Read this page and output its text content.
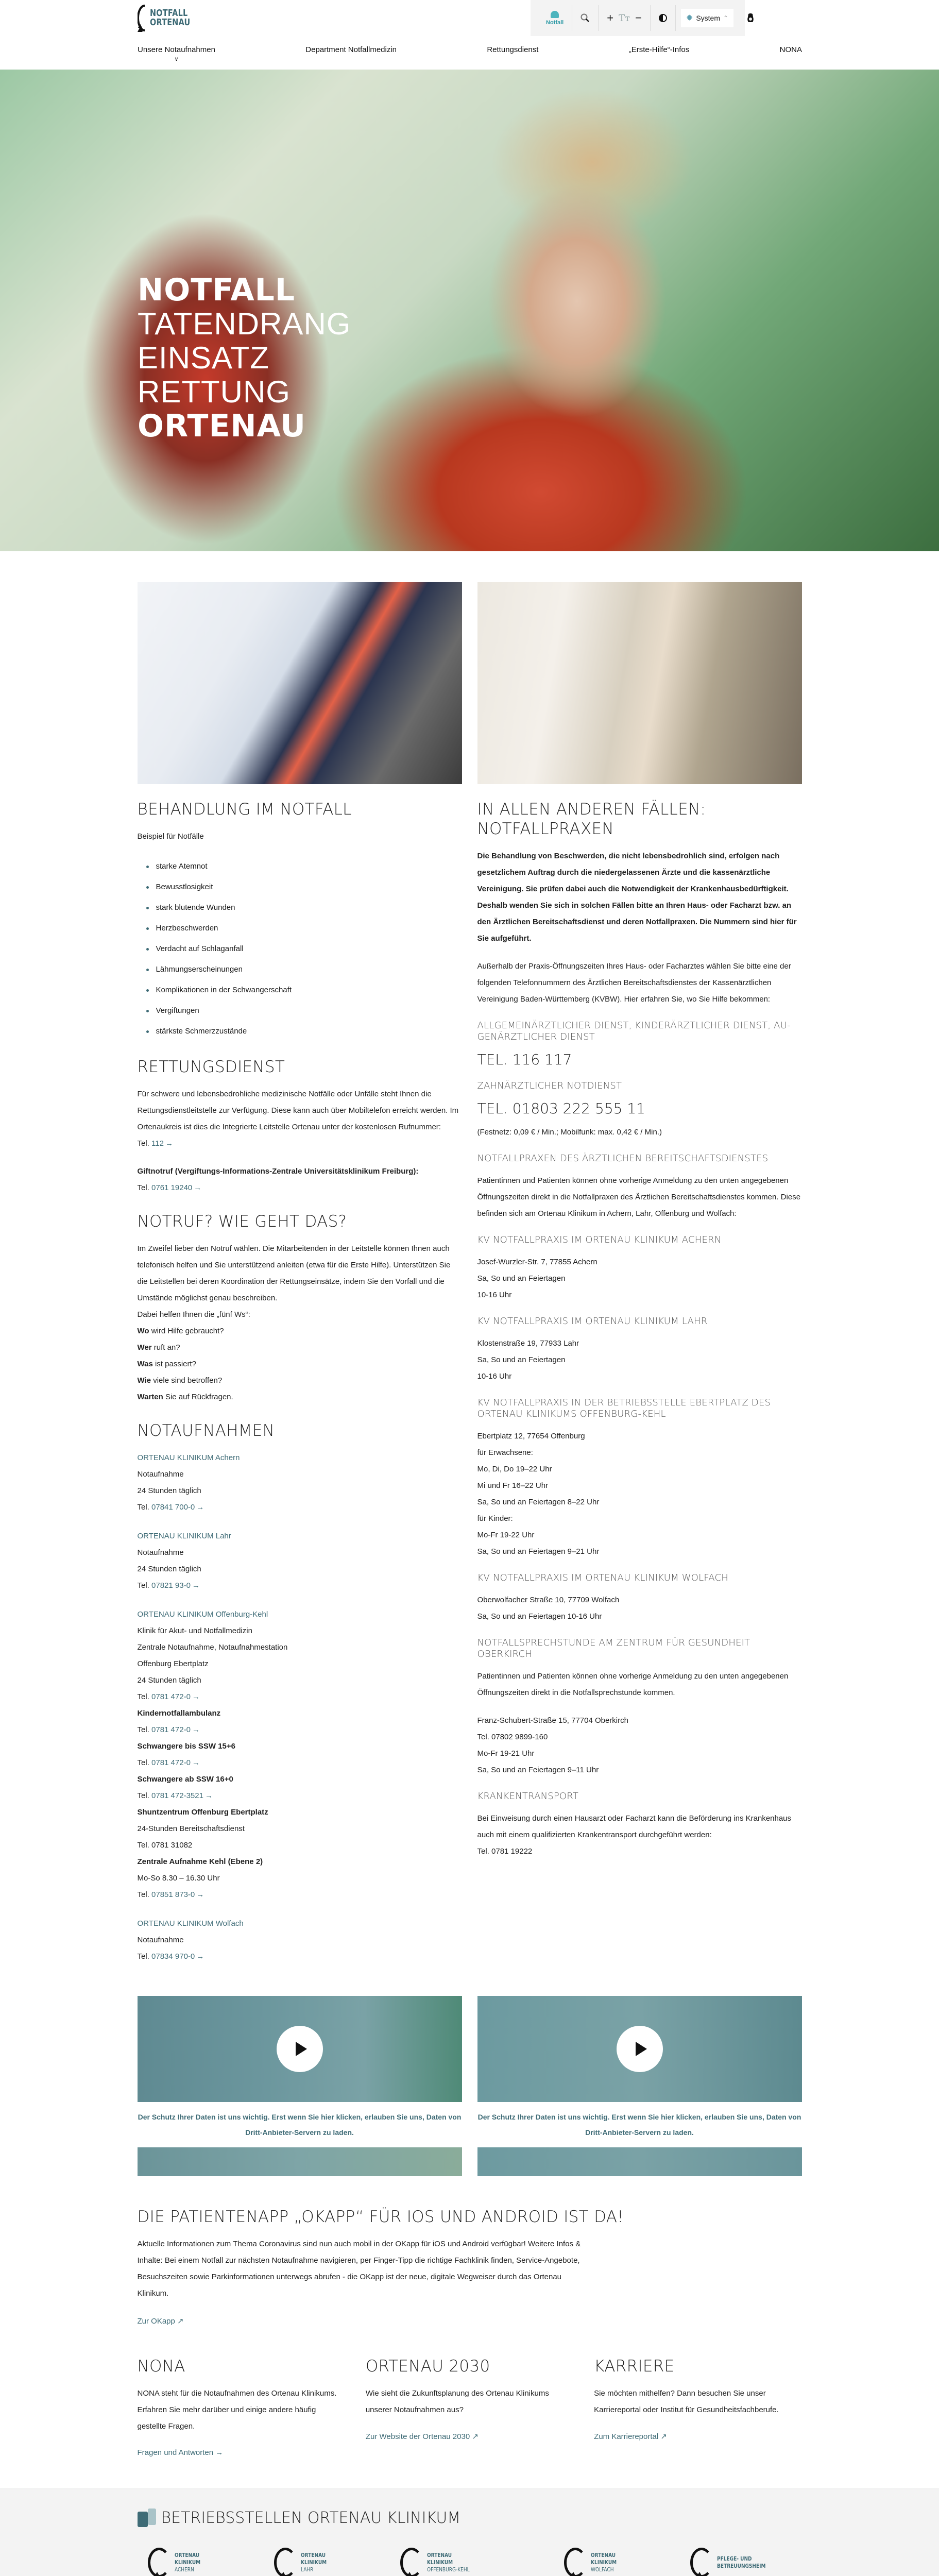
NOTFALL
ORTENAU	Notfall	+ Tᴛ −	✹ System ⌃
Unsere Notaufnahmen
∨
Department Notfallmedizin	Rettungsdienst	„Erste-Hilfe“-Infos	NONA
NOTFALL
TATENDRANG
EINSATZ
RETTUNG
ORTENAU
BEHANDLUNG IM NOTFALL

Beispiel für Notfälle

starke Atemnot
Bewusstlosigkeit
stark blutende Wunden
Herzbeschwerden
Verdacht auf Schlaganfall
Lähmungserscheinungen
Komplikationen in der Schwangerschaft
Vergiftungen
stärkste Schmerzzustände
RETTUNGSDIENST

Für schwere und lebensbedrohliche medizinische Notfälle oder Unfälle steht Ihnen die Rettungsdienstleitstelle zur Verfügung. Diese kann auch über Mobiltelefon erreicht werden. Im Ortenaukreis ist dies die Integrierte Leitstelle Ortenau unter der kostenlosen Rufnummer:

Tel. 112 →

Giftnotruf (Vergiftungs-Informations-Zentrale Universitätsklinikum Freiburg):

Tel. 0761 19240 →

NOTRUF? WIE GEHT DAS?

Im Zweifel lieber den Notruf wählen. Die Mitarbeitenden in der Leitstelle können Ihnen auch telefonisch helfen und Sie unterstützend anleiten (etwa für die Erste Hilfe). Unterstützen Sie die Leitstellen bei deren Koordination der Rettungseinsätze, indem Sie den Vorfall und die Umstände möglichst genau beschreiben.

Dabei helfen Ihnen die „fünf Ws“:

Wo wird Hilfe gebraucht?

Wer ruft an?

Was ist passiert?

Wie viele sind betroffen?

Warten Sie auf Rückfragen.

NOTAUFNAHMEN
ORTENAU KLINIKUM Achern

Notaufnahme

24 Stunden täglich

Tel. 07841 700-0 →

ORTENAU KLINIKUM Lahr

Notaufnahme

24 Stunden täglich

Tel. 07821 93-0 →

ORTENAU KLINIKUM Offenburg-Kehl

Klinik für Akut- und Notfallmedizin

Zentrale Notaufnahme, Notaufnahmestation

Offenburg Ebertplatz

24 Stunden täglich

Tel. 0781 472-0 →

Kindernotfallambulanz

Tel. 0781 472-0 →

Schwangere bis SSW 15+6

Tel. 0781 472-0 →

Schwangere ab SSW 16+0

Tel. 0781 472-3521 →

Shuntzentrum Offenburg Ebertplatz

24-Stunden Bereitschaftsdienst

Tel. 0781 31082

Zentrale Aufnahme Kehl (Ebene 2)

Mo-So 8.30 – 16.30 Uhr

Tel. 07851 873-0 →

ORTENAU KLINIKUM Wolfach

Notaufnahme

Tel. 07834 970-0 →

IN ALLEN ANDEREN FÄLLEN: NOTFALLPRAXEN

Die Behandlung von Beschwerden, die nicht lebensbedrohlich sind, erfolgen nach gesetzlichem Auftrag durch die niedergelassenen Ärzte und die kassenärztliche Vereinigung. Sie prüfen dabei auch die Notwendigkeit der Krankenhausbedürftigkeit. Deshalb wenden Sie sich in solchen Fällen bitte an Ihren Haus- oder Facharzt bzw. an den Ärztlichen Bereitschaftsdienst und deren Notfallpraxen. Die Nummern sind hier für Sie aufgeführt.

Außerhalb der Praxis-Öffnungszeiten Ihres Haus- oder Facharztes wählen Sie bitte eine der folgenden Telefonnummern des Ärztlichen Bereitschaftsdienstes der Kassenärztlichen Vereinigung Baden-Württemberg (KVBW). Hier erfahren Sie, wo Sie Hilfe bekommen:

ALLGEMEINÄRZTLICHER DIENST, KINDERÄRZTLICHER DIENST, AU-GENÄRZTLICHER DIENST
TEL. 116 117
ZAHNÄRZTLICHER NOTDIENST
TEL. 01803 222 555 11

(Festnetz: 0,09 € / Min.; Mobilfunk: max. 0,42 € / Min.)

NOTFALLPRAXEN DES ÄRZTLICHEN BEREITSCHAFTSDIENSTES

Patientinnen und Patienten können ohne vorherige Anmeldung zu den unten angegebenen Öffnungszeiten direkt in die Notfallpraxen des Ärztlichen Bereitschaftsdienstes kommen. Diese befinden sich am Ortenau Klinikum in Achern, Lahr, Offenburg und Wolfach:

KV NOTFALLPRAXIS IM ORTENAU KLINIKUM ACHERN

Josef-Wurzler-Str. 7, 77855 Achern

Sa, So und an Feiertagen

10-16 Uhr

KV NOTFALLPRAXIS IM ORTENAU KLINIKUM LAHR

Klostenstraße 19, 77933 Lahr

Sa, So und an Feiertagen

10-16 Uhr

KV NOTFALLPRAXIS IN DER BETRIEBSSTELLE EBERTPLATZ DES ORTENAU KLINIKUMS OFFENBURG-KEHL

Ebertplatz 12, 77654 Offenburg

für Erwachsene:

Mo, Di, Do 19–22 Uhr

Mi und Fr 16–22 Uhr

Sa, So und an Feiertagen 8–22 Uhr

für Kinder:

Mo-Fr 19-22 Uhr

Sa, So und an Feiertagen 9–21 Uhr

KV NOTFALLPRAXIS IM ORTENAU KLINIKUM WOLFACH

Oberwolfacher Straße 10, 77709 Wolfach

Sa, So und an Feiertagen 10-16 Uhr

NOTFALLSPRECHSTUNDE AM ZENTRUM FÜR GESUNDHEIT OBERKIRCH

Patientinnen und Patienten können ohne vorherige Anmeldung zu den unten angegebenen Öffnungszeiten direkt in die Notfallsprechstunde kommen.

Franz-Schubert-Straße 15, 77704 Oberkirch

Tel. 07802 9899-160

Mo-Fr 19-21 Uhr

Sa, So und an Feiertagen 9–11 Uhr

KRANKENTRANSPORT

Bei Einweisung durch einen Hausarzt oder Facharzt kann die Beförderung ins Krankenhaus auch mit einem qualifizierten Krankentransport durchgeführt werden:

Tel. 0781 19222

Der Schutz Ihrer Daten ist uns wichtig. Erst wenn Sie hier klicken, erlauben Sie uns, Daten von Dritt-Anbieter-Servern zu laden.
Der Schutz Ihrer Daten ist uns wichtig. Erst wenn Sie hier klicken, erlauben Sie uns, Daten von Dritt-Anbieter-Servern zu laden.
DIE PATIENTENAPP „OKAPP“ FÜR IOS UND ANDROID IST DA!

Aktuelle Informationen zum Thema Coronavirus sind nun auch mobil in der OKapp für iOS und Android verfügbar! Weitere Infos & Inhalte: Bei einem Notfall zur nächsten Notaufnahme navigieren, per Finger-Tipp die richtige Fachklinik finden, Service-Angebote, Besuchszeiten sowie Parkinformationen unterwegs abrufen - die OKapp ist der neue, digitale Wegweiser durch das Ortenau Klinikum.

Zur OKapp ↗
NONA

NONA steht für die Notaufnahmen des Ortenau Klinikums. Erfahren Sie mehr darüber und einige andere häufig gestellte Fragen.

Fragen und Antworten →
ORTENAU 2030

Wie sieht die Zukunftsplanung des Ortenau Klinikums unserer Notaufnahmen aus?

Zur Website der Ortenau 2030 ↗
KARRIERE

Sie möchten mithelfen? Dann besuchen Sie unser Karriereportal oder Institut für Gesundheitsfachberufe.

Zum Karriereportal ↗
BETRIEBSSTELLEN ORTENAU KLINIKUM
ORTENAU
KLINIKUM
ACHERN
ORTENAU
KLINIKUM
LAHR
ORTENAU
KLINIKUM
OFFENBURG-KEHL
ORTENAU
KLINIKUM
WOLFACH
PFLEGE- UND
BETREUUNGSHEIM
